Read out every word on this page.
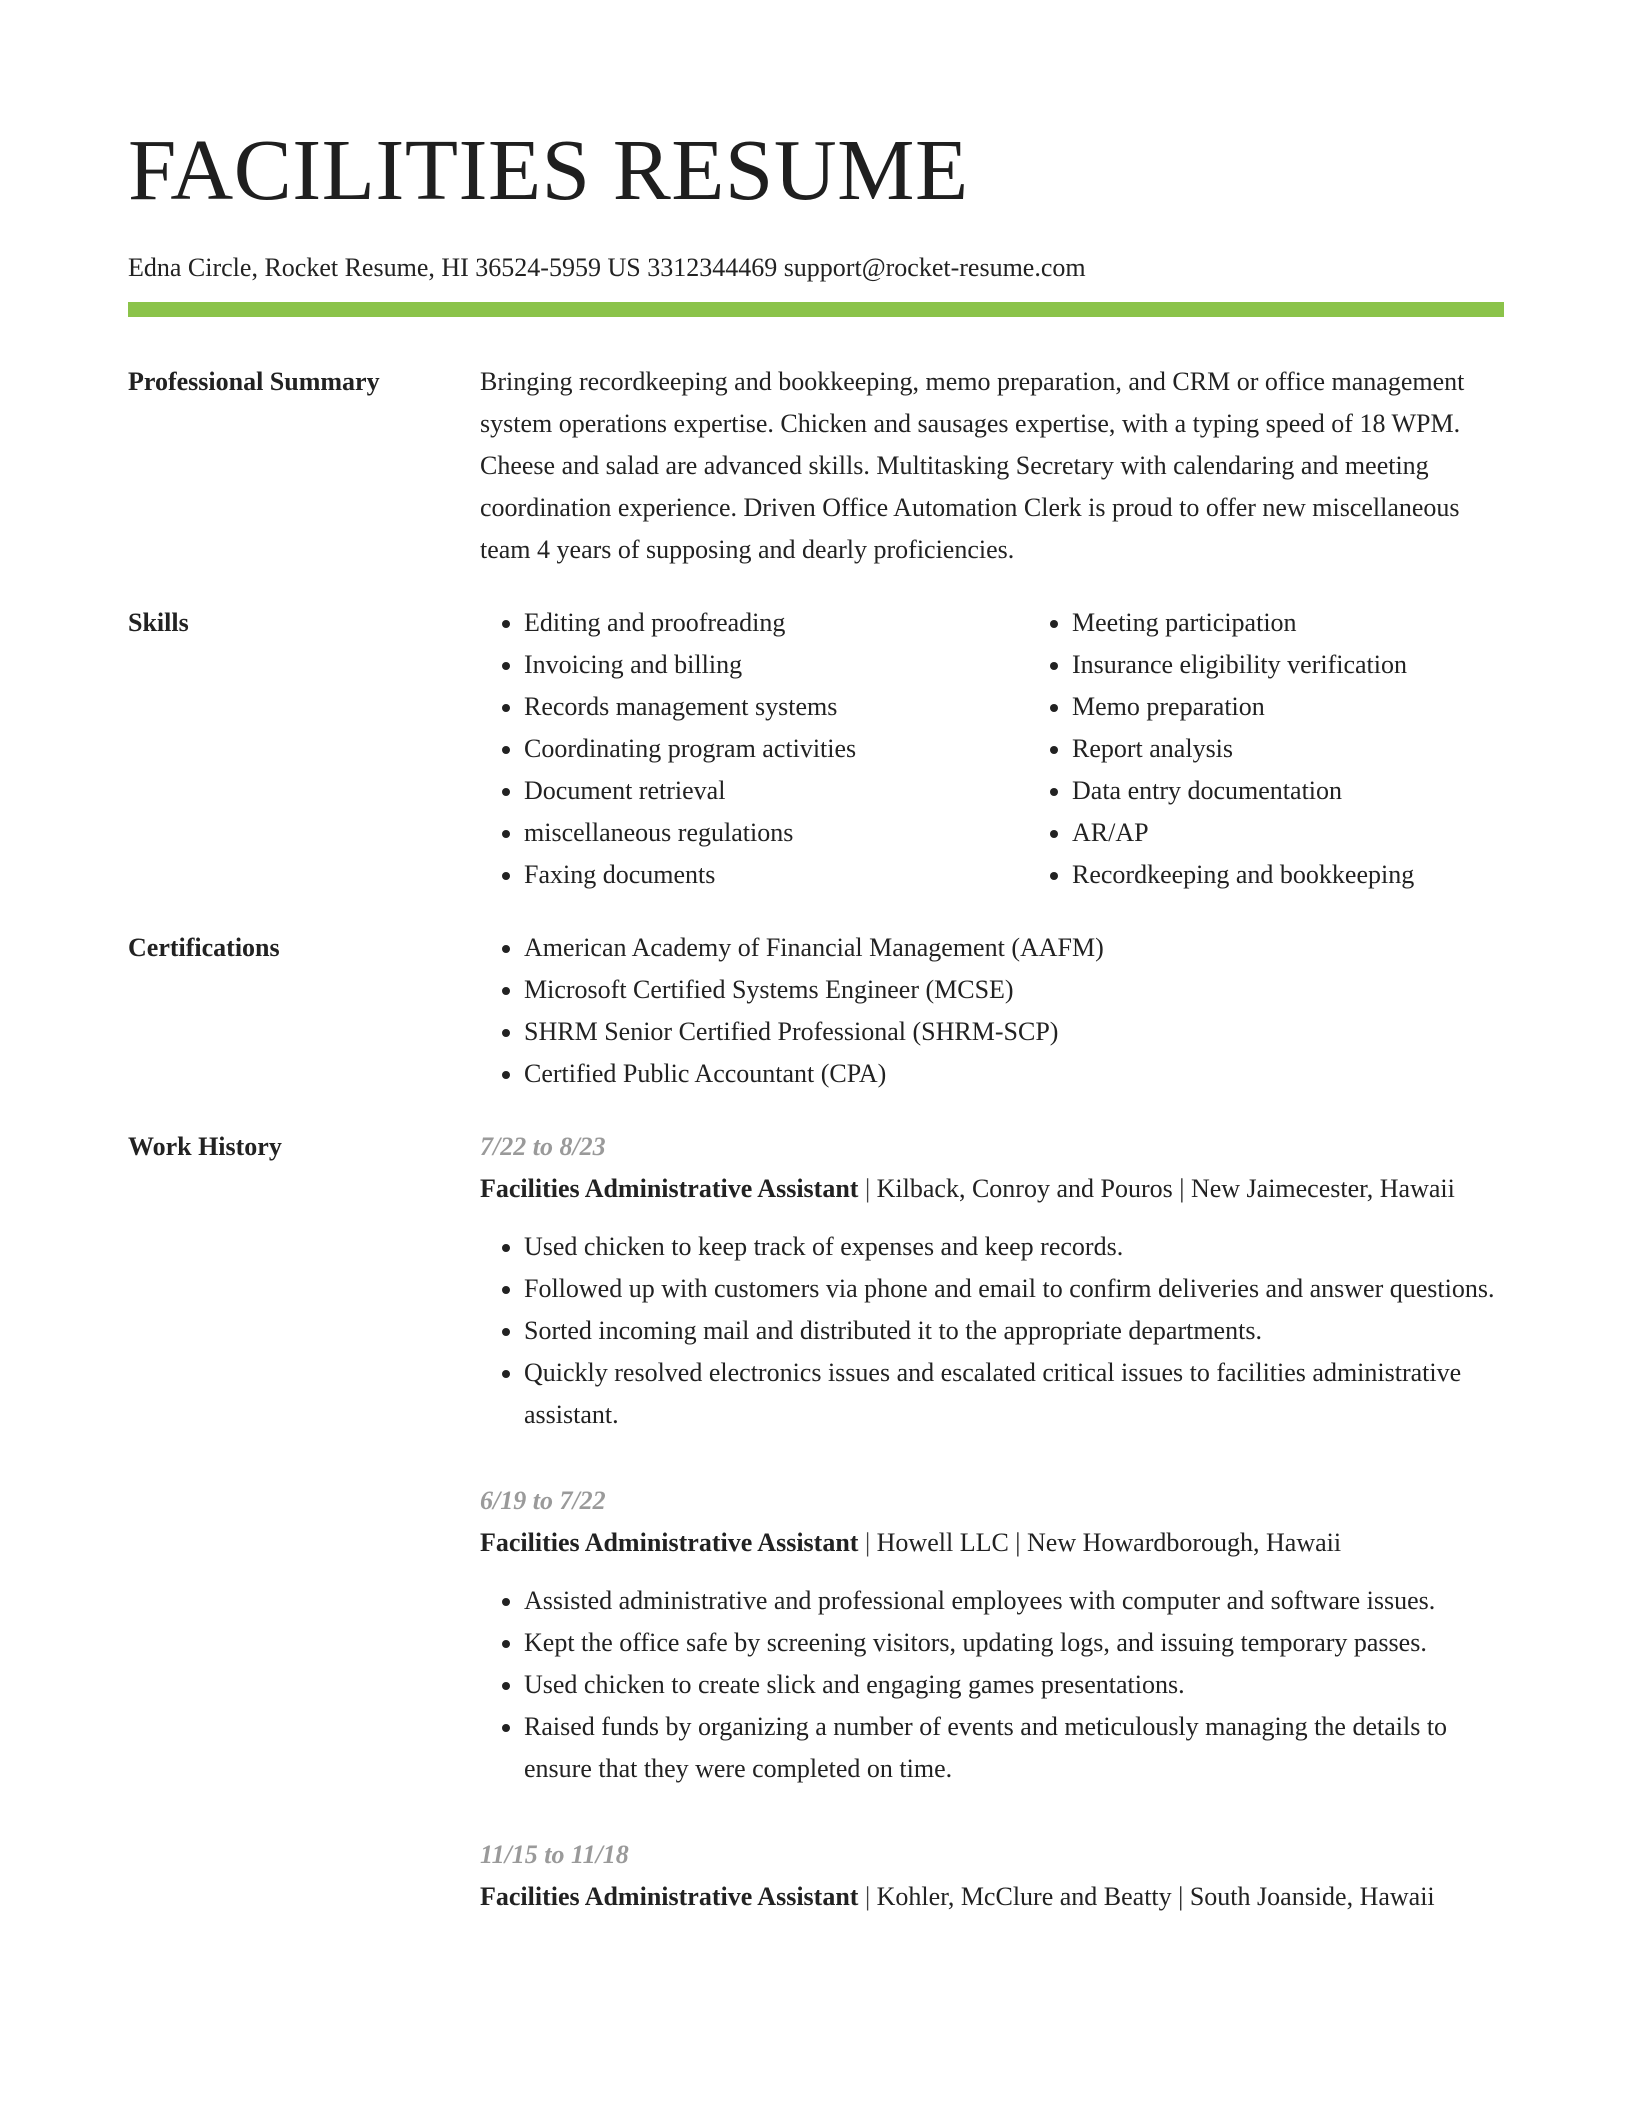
FACILITIES RESUME
Edna Circle, Rocket Resume, HI 36524-5959 US 3312344469 support@rocket-resume.com
Professional Summary	Bringing recordkeeping and bookkeeping, memo preparation, and CRM or office management system operations expertise. Chicken and sausages expertise, with a typing speed of 18 WPM. Cheese and salad are advanced skills. Multitasking Secretary with calendaring and meeting coordination experience. Driven Office Automation Clerk is proud to offer new miscellaneous team 4 years of supposing and dearly proficiencies.

Skills	• Editing and proofreading
• Invoicing and billing
• Records management systems
• Coordinating program activities
• Document retrieval
• miscellaneous regulations
• Faxing documents
• Meeting participation
• Insurance eligibility verification
• Memo preparation
• Report analysis
• Data entry documentation
• AR/AP
• Recordkeeping and bookkeeping
Certifications	• American Academy of Financial Management (AAFM)
• Microsoft Certified Systems Engineer (MCSE)
• SHRM Senior Certified Professional (SHRM-SCP)
• Certified Public Accountant (CPA)
Work History	7/22 to 8/23
Facilities Administrative Assistant | Kilback, Conroy and Pouros | New Jaimecester, Hawaii
• Used chicken to keep track of expenses and keep records.
• Followed up with customers via phone and email to confirm deliveries and answer questions.
• Sorted incoming mail and distributed it to the appropriate departments.
• Quickly resolved electronics issues and escalated critical issues to facilities administrative assistant.
6/19 to 7/22
Facilities Administrative Assistant | Howell LLC | New Howardborough, Hawaii
• Assisted administrative and professional employees with computer and software issues.
• Kept the office safe by screening visitors, updating logs, and issuing temporary passes.
• Used chicken to create slick and engaging games presentations.
• Raised funds by organizing a number of events and meticulously managing the details to ensure that they were completed on time.
11/15 to 11/18
Facilities Administrative Assistant | Kohler, McClure and Beatty | South Joanside, Hawaii
